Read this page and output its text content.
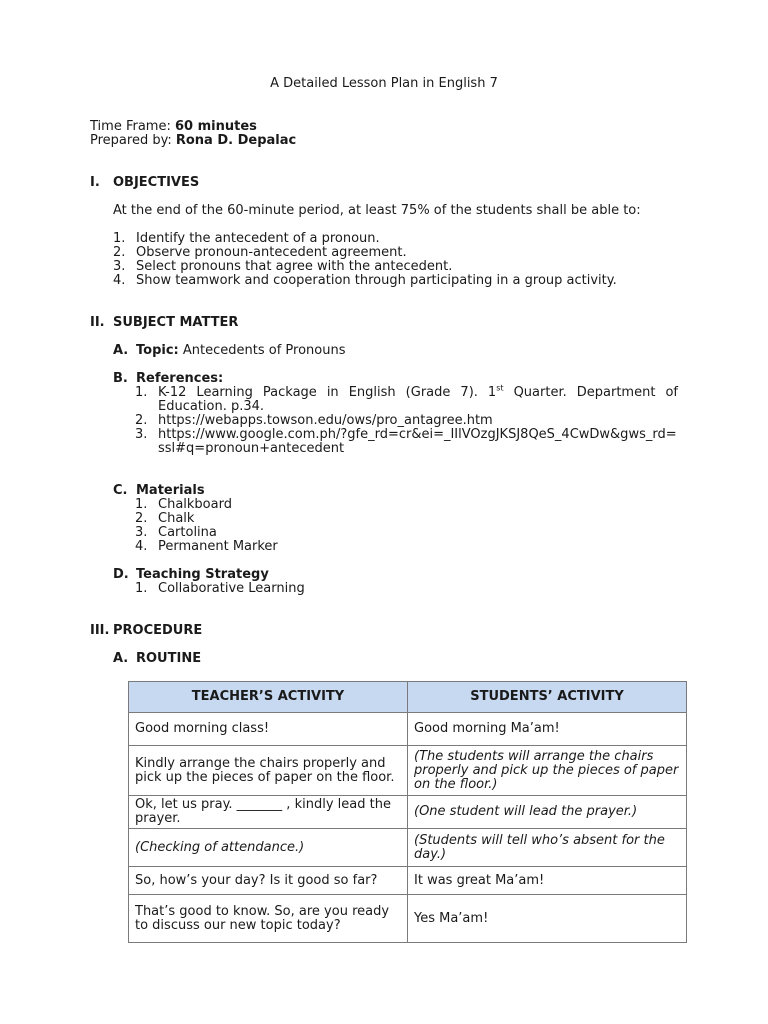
A Detailed Lesson Plan in English 7
Time Frame: 60 minutes
Prepared by: Rona D. Depalac
I. OBJECTIVES
At the end of the 60-minute period, at least 75% of the students shall be able to:
1. Identify the antecedent of a pronoun.
2. Observe pronoun-antecedent agreement.
3. Select pronouns that agree with the antecedent.
4. Show teamwork and cooperation through participating in a group activity.
II. SUBJECT MATTER
A. Topic: Antecedents of Pronouns
B. References:
1. K-12 Learning Package in English (Grade 7). 1st Quarter. Department of Education. p.34.
2. https://webapps.towson.edu/ows/pro_antagree.htm
3. https://www.google.com.ph/?gfe_rd=cr&ei=_IIlVOzgJKSJ8QeS_4CwDw&gws_rd=ssl#q=pronoun+antecedent
C. Materials
1. Chalkboard
2. Chalk
3. Cartolina
4. Permanent Marker
D. Teaching Strategy
1. Collaborative Learning
III. PROCEDURE
A. ROUTINE
TEACHER’S ACTIVITY	STUDENTS’ ACTIVITY
Good morning class!	Good morning Ma’am!
Kindly arrange the chairs properly and pick up the pieces of paper on the floor.	(The students will arrange the chairs properly and pick up the pieces of paper on the floor.)
Ok, let us pray. _______ , kindly lead the prayer.	(One student will lead the prayer.)
(Checking of attendance.)	(Students will tell who’s absent for the day.)
So, how’s your day? Is it good so far?	It was great Ma’am!
That’s good to know. So, are you ready to discuss our new topic today?	Yes Ma’am!
